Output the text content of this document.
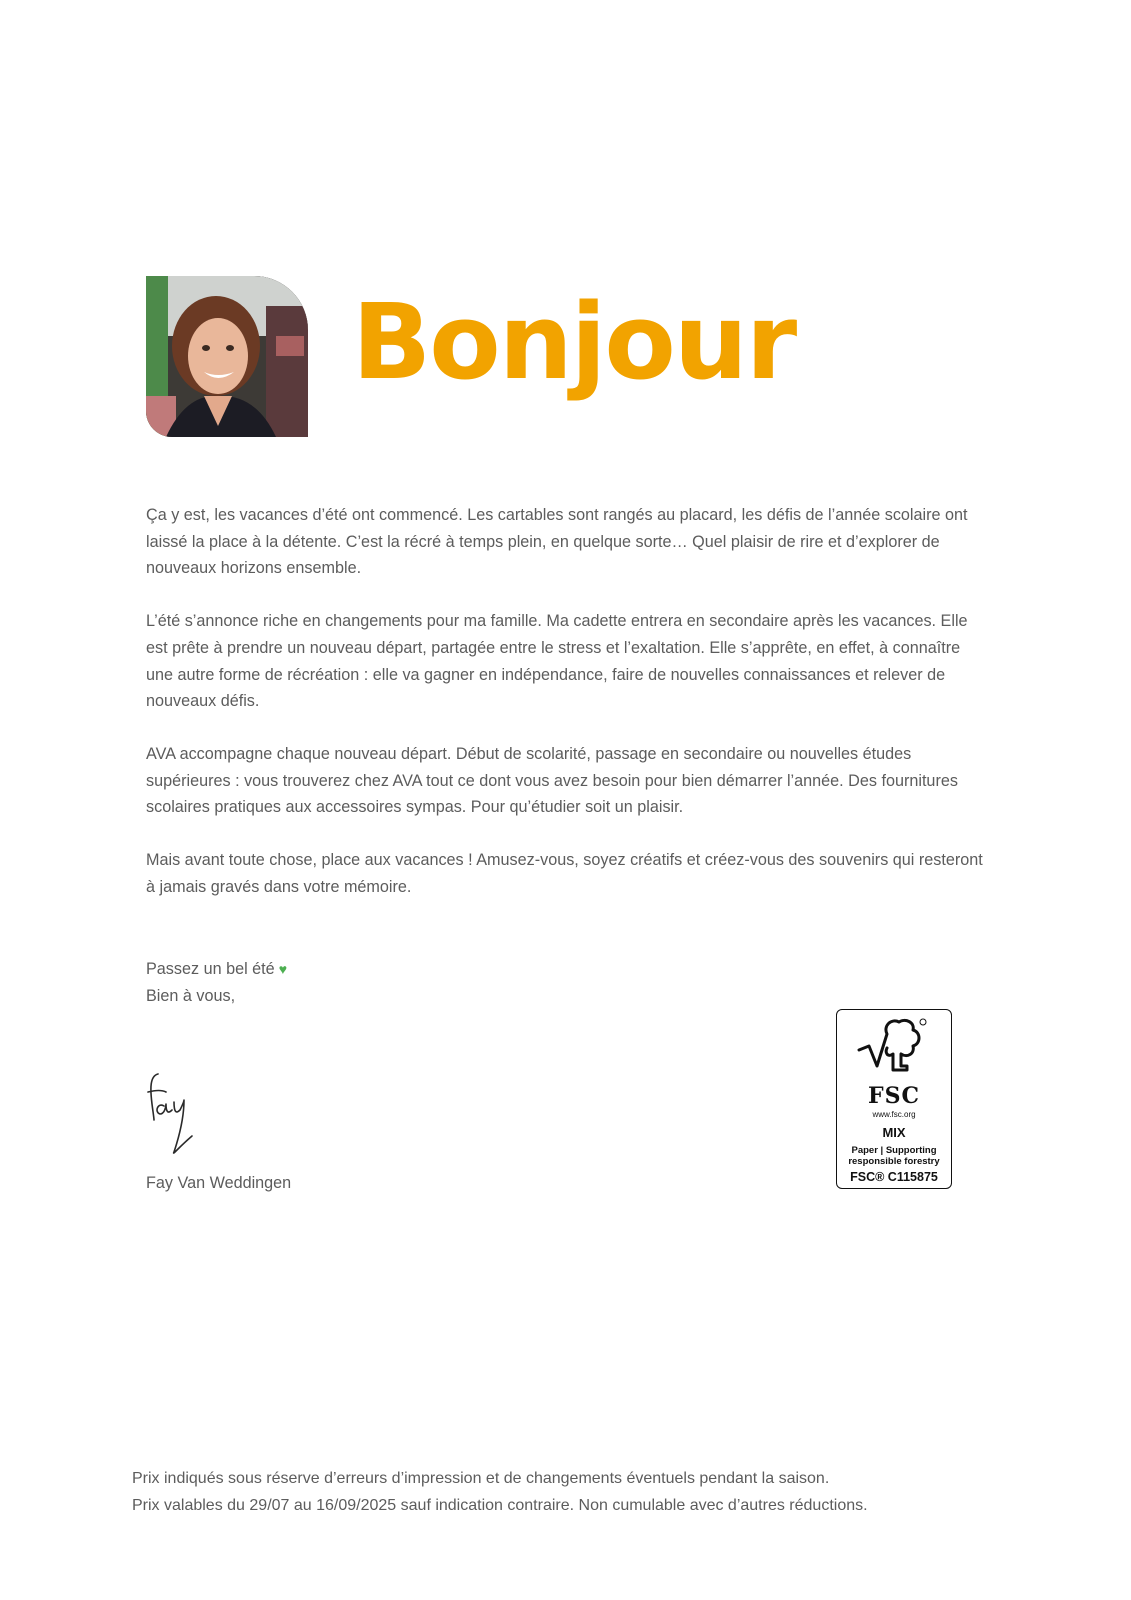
Bonjour

Ça y est, les vacances d’été ont commencé. Les cartables sont rangés au placard, les défis de l’année scolaire ont laissé la place à la détente. C’est la récré à temps plein, en quelque sorte… Quel plaisir de rire et d’explorer de nouveaux horizons ensemble.

L’été s’annonce riche en changements pour ma famille. Ma cadette entrera en secondaire après les vacances. Elle est prête à prendre un nouveau départ, partagée entre le stress et l’exaltation. Elle s’apprête, en effet, à connaître une autre forme de récréation : elle va gagner en indépendance, faire de nouvelles connaissances et relever de nouveaux défis.

AVA accompagne chaque nouveau départ. Début de scolarité, passage en secondaire ou nouvelles études supérieures : vous trouverez chez AVA tout ce dont vous avez besoin pour bien démarrer l’année. Des fournitures scolaires pratiques aux accessoires sympas. Pour qu’étudier soit un plaisir.

Mais avant toute chose, place aux vacances ! Amusez-vous, soyez créatifs et créez-vous des souvenirs qui resteront à jamais gravés dans votre mémoire.

Passez un bel été ♥
Bien à vous,
Fay Van Weddingen
FSC
www.fsc.org
MIX
Paper | Supporting
responsible forestry
FSC® C115875
Prix indiqués sous réserve d’erreurs d’impression et de changements éventuels pendant la saison.
Prix valables du 29/07 au 16/09/2025 sauf indication contraire. Non cumulable avec d’autres réductions.
